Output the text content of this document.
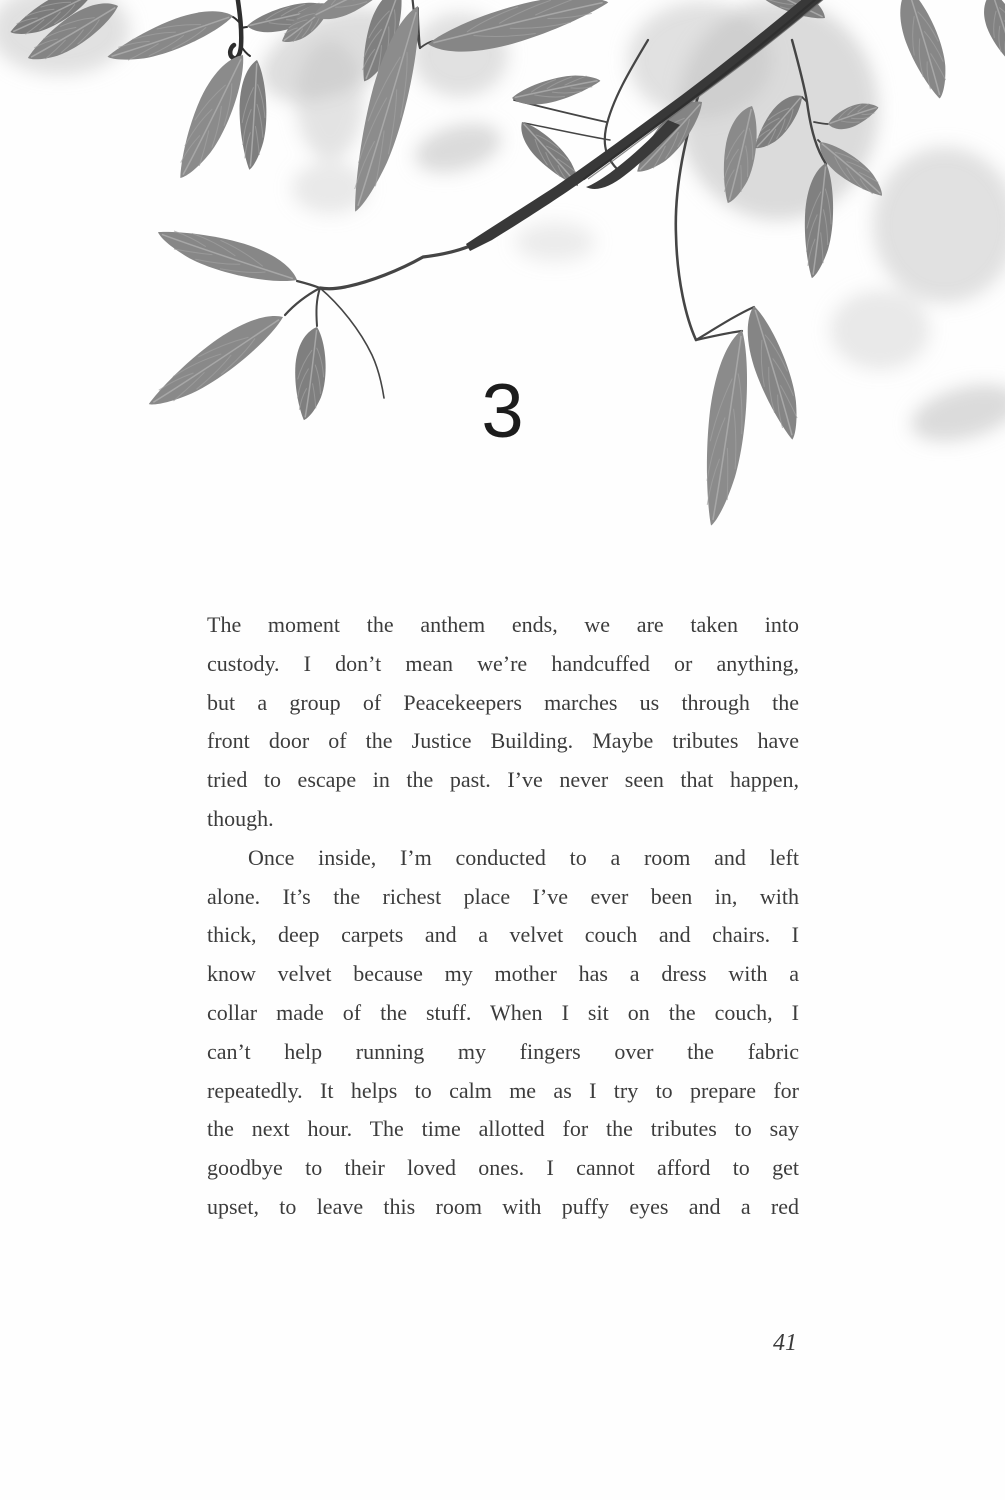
3
The moment the anthem ends, we are taken into
custody. I don’t mean we’re handcuffed or anything,
but a group of Peacekeepers marches us through the
front door of the Justice Building. Maybe tributes have
tried to escape in the past. I’ve never seen that happen,
though.
Once inside, I’m conducted to a room and left
alone. It’s the richest place I’ve ever been in, with
thick, deep carpets and a velvet couch and chairs. I
know velvet because my mother has a dress with a
collar made of the stuff. When I sit on the couch, I
can’t help running my fingers over the fabric
repeatedly. It helps to calm me as I try to prepare for
the next hour. The time allotted for the tributes to say
goodbye to their loved ones. I cannot afford to get
upset, to leave this room with puffy eyes and a red
41
